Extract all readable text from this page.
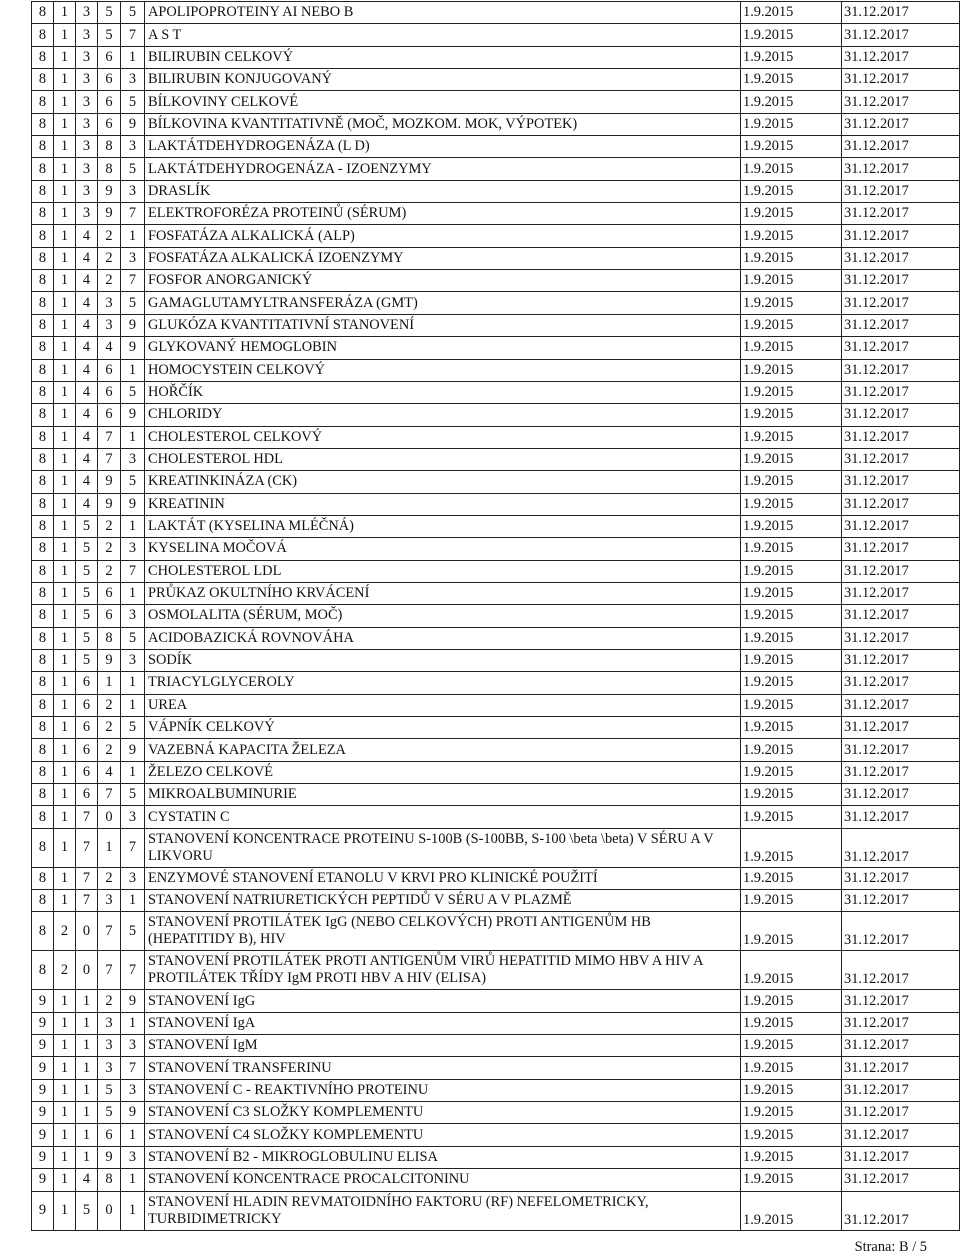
8	1	3	5	5	APOLIPOPROTEINY AI NEBO B	1.9.2015	31.12.2017
8	1	3	5	7	A S T	1.9.2015	31.12.2017
8	1	3	6	1	BILIRUBIN CELKOVÝ	1.9.2015	31.12.2017
8	1	3	6	3	BILIRUBIN KONJUGOVANÝ	1.9.2015	31.12.2017
8	1	3	6	5	BÍLKOVINY CELKOVÉ	1.9.2015	31.12.2017
8	1	3	6	9	BÍLKOVINA KVANTITATIVNĚ (MOČ, MOZKOM. MOK, VÝPOTEK)	1.9.2015	31.12.2017
8	1	3	8	3	LAKTÁTDEHYDROGENÁZA (L D)	1.9.2015	31.12.2017
8	1	3	8	5	LAKTÁTDEHYDROGENÁZA - IZOENZYMY	1.9.2015	31.12.2017
8	1	3	9	3	DRASLÍK	1.9.2015	31.12.2017
8	1	3	9	7	ELEKTROFORÉZA PROTEINŮ (SÉRUM)	1.9.2015	31.12.2017
8	1	4	2	1	FOSFATÁZA ALKALICKÁ (ALP)	1.9.2015	31.12.2017
8	1	4	2	3	FOSFATÁZA ALKALICKÁ IZOENZYMY	1.9.2015	31.12.2017
8	1	4	2	7	FOSFOR ANORGANICKÝ	1.9.2015	31.12.2017
8	1	4	3	5	GAMAGLUTAMYLTRANSFERÁZA (GMT)	1.9.2015	31.12.2017
8	1	4	3	9	GLUKÓZA KVANTITATIVNÍ STANOVENÍ	1.9.2015	31.12.2017
8	1	4	4	9	GLYKOVANÝ HEMOGLOBIN	1.9.2015	31.12.2017
8	1	4	6	1	HOMOCYSTEIN CELKOVÝ	1.9.2015	31.12.2017
8	1	4	6	5	HOŘČÍK	1.9.2015	31.12.2017
8	1	4	6	9	CHLORIDY	1.9.2015	31.12.2017
8	1	4	7	1	CHOLESTEROL CELKOVÝ	1.9.2015	31.12.2017
8	1	4	7	3	CHOLESTEROL HDL	1.9.2015	31.12.2017
8	1	4	9	5	KREATINKINÁZA (CK)	1.9.2015	31.12.2017
8	1	4	9	9	KREATININ	1.9.2015	31.12.2017
8	1	5	2	1	LAKTÁT (KYSELINA MLÉČNÁ)	1.9.2015	31.12.2017
8	1	5	2	3	KYSELINA MOČOVÁ	1.9.2015	31.12.2017
8	1	5	2	7	CHOLESTEROL LDL	1.9.2015	31.12.2017
8	1	5	6	1	PRŮKAZ OKULTNÍHO KRVÁCENÍ	1.9.2015	31.12.2017
8	1	5	6	3	OSMOLALITA (SÉRUM, MOČ)	1.9.2015	31.12.2017
8	1	5	8	5	ACIDOBAZICKÁ ROVNOVÁHA	1.9.2015	31.12.2017
8	1	5	9	3	SODÍK	1.9.2015	31.12.2017
8	1	6	1	1	TRIACYLGLYCEROLY	1.9.2015	31.12.2017
8	1	6	2	1	UREA	1.9.2015	31.12.2017
8	1	6	2	5	VÁPNÍK CELKOVÝ	1.9.2015	31.12.2017
8	1	6	2	9	VAZEBNÁ KAPACITA ŽELEZA	1.9.2015	31.12.2017
8	1	6	4	1	ŽELEZO CELKOVÉ	1.9.2015	31.12.2017
8	1	6	7	5	MIKROALBUMINURIE	1.9.2015	31.12.2017
8	1	7	0	3	CYSTATIN C	1.9.2015	31.12.2017
8	1	7	1	7	STANOVENÍ KONCENTRACE PROTEINU S-100B (S-100BB, S-100 \beta \beta) V SÉRU A V LIKVORU	1.9.2015	31.12.2017
8	1	7	2	3	ENZYMOVÉ STANOVENÍ ETANOLU V KRVI PRO KLINICKÉ POUŽITÍ	1.9.2015	31.12.2017
8	1	7	3	1	STANOVENÍ NATRIURETICKÝCH PEPTIDŮ V SÉRU A V PLAZMĚ	1.9.2015	31.12.2017
8	2	0	7	5	STANOVENÍ PROTILÁTEK IgG (NEBO CELKOVÝCH) PROTI ANTIGENŮM HB (HEPATITIDY B), HIV	1.9.2015	31.12.2017
8	2	0	7	7	STANOVENÍ PROTILÁTEK PROTI ANTIGENŮM VIRŮ HEPATITID MIMO HBV A HIV A PROTILÁTEK TŘÍDY IgM PROTI HBV A HIV (ELISA)	1.9.2015	31.12.2017
9	1	1	2	9	STANOVENÍ IgG	1.9.2015	31.12.2017
9	1	1	3	1	STANOVENÍ IgA	1.9.2015	31.12.2017
9	1	1	3	3	STANOVENÍ IgM	1.9.2015	31.12.2017
9	1	1	3	7	STANOVENÍ TRANSFERINU	1.9.2015	31.12.2017
9	1	1	5	3	STANOVENÍ C - REAKTIVNÍHO PROTEINU	1.9.2015	31.12.2017
9	1	1	5	9	STANOVENÍ C3 SLOŽKY KOMPLEMENTU	1.9.2015	31.12.2017
9	1	1	6	1	STANOVENÍ C4 SLOŽKY KOMPLEMENTU	1.9.2015	31.12.2017
9	1	1	9	3	STANOVENÍ B2 - MIKROGLOBULINU ELISA	1.9.2015	31.12.2017
9	1	4	8	1	STANOVENÍ KONCENTRACE PROCALCITONINU	1.9.2015	31.12.2017
9	1	5	0	1	STANOVENÍ HLADIN REVMATOIDNÍHO FAKTORU (RF) NEFELOMETRICKY, TURBIDIMETRICKY	1.9.2015	31.12.2017
Strana: B / 5
